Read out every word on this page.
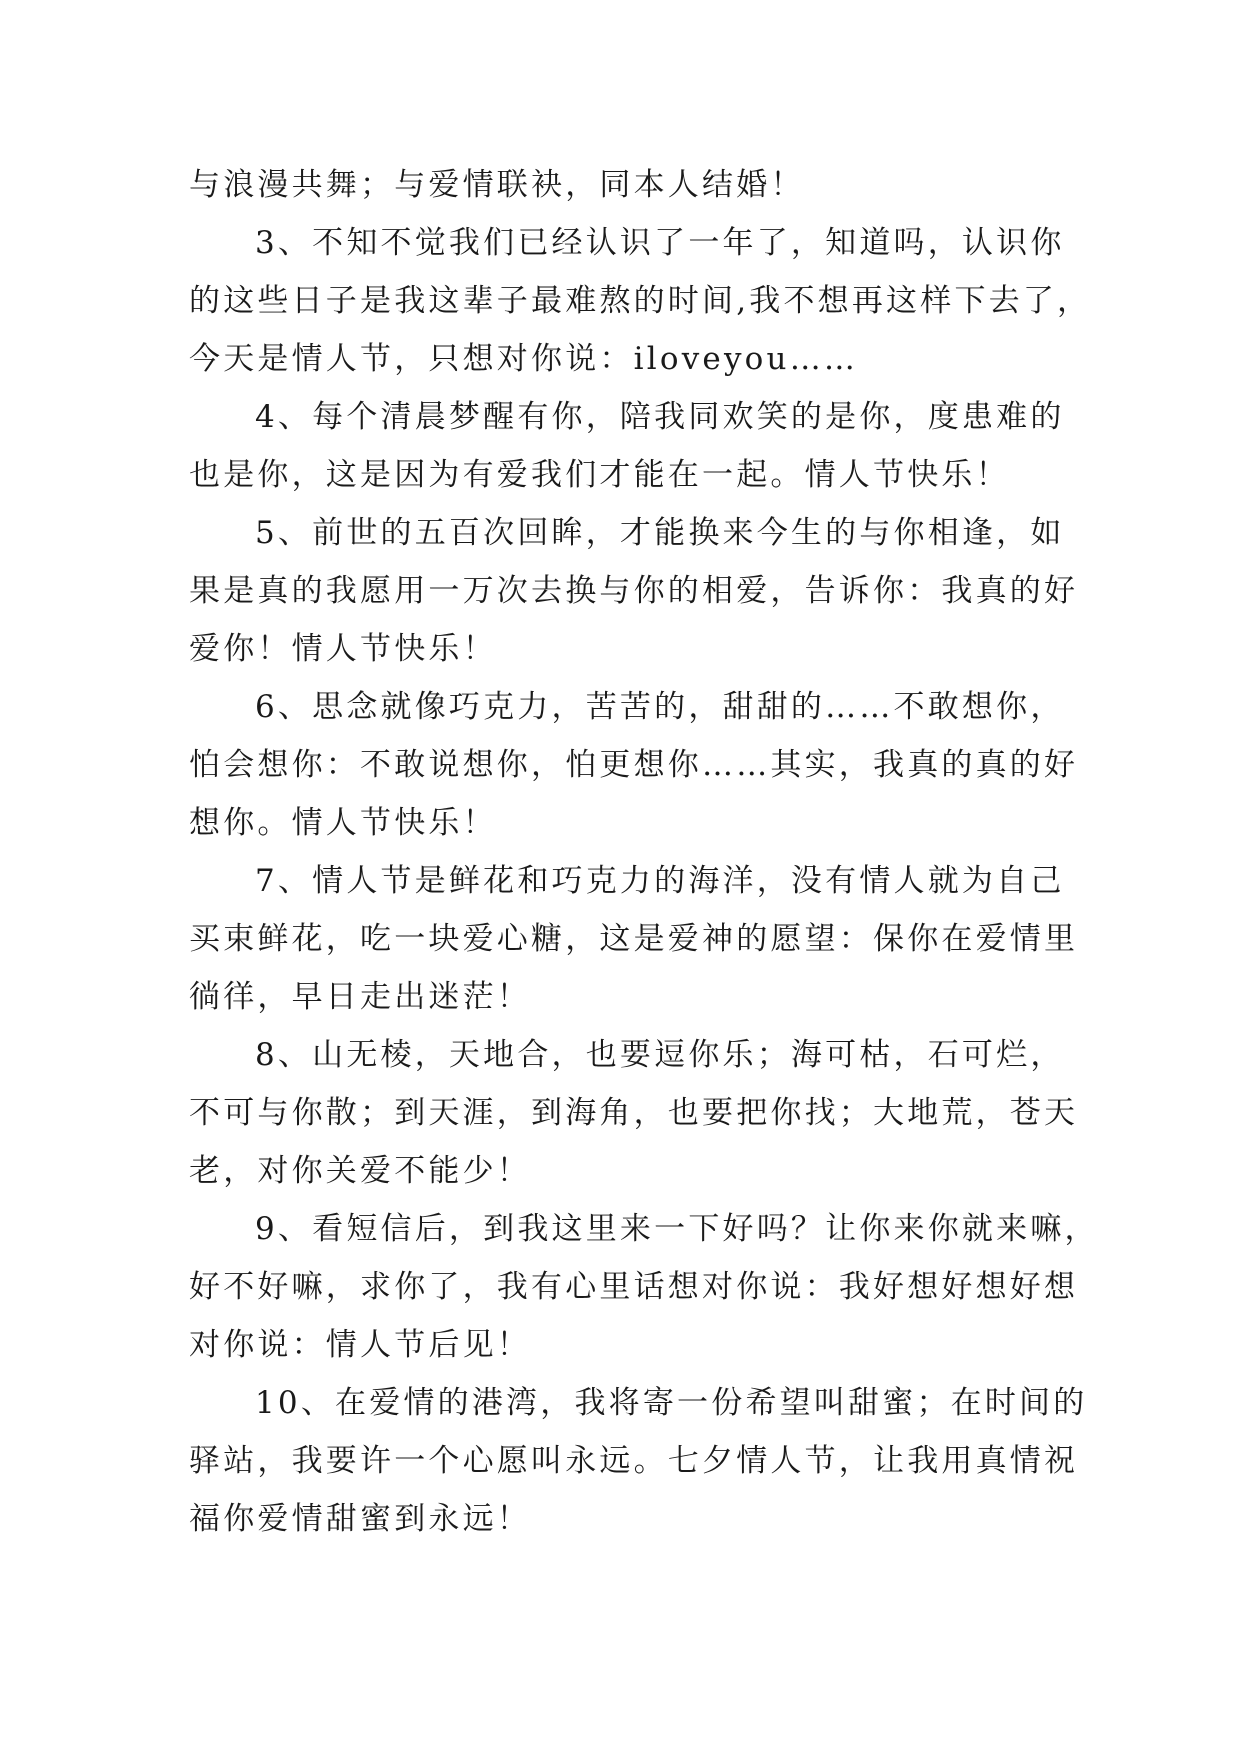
与浪漫共舞；与爱情联袂，同本人结婚！
3、不知不觉我们已经认识了一年了，知道吗，认识你
的这些日子是我这辈子最难熬的时间,我不想再这样下去了，
今天是情人节，只想对你说：iloveyou……
4、每个清晨梦醒有你，陪我同欢笑的是你，度患难的
也是你，这是因为有爱我们才能在一起。情人节快乐！
5、前世的五百次回眸，才能换来今生的与你相逢，如
果是真的我愿用一万次去换与你的相爱，告诉你：我真的好
爱你！情人节快乐！
6、思念就像巧克力，苦苦的，甜甜的……不敢想你，
怕会想你：不敢说想你，怕更想你……其实，我真的真的好
想你。情人节快乐！
7、情人节是鲜花和巧克力的海洋，没有情人就为自己
买束鲜花，吃一块爱心糖，这是爱神的愿望：保你在爱情里
徜徉，早日走出迷茫！
8、山无棱，天地合，也要逗你乐；海可枯，石可烂，
不可与你散；到天涯，到海角，也要把你找；大地荒，苍天
老，对你关爱不能少！
9、看短信后，到我这里来一下好吗？让你来你就来嘛，
好不好嘛，求你了，我有心里话想对你说：我好想好想好想
对你说：情人节后见！
10、在爱情的港湾，我将寄一份希望叫甜蜜；在时间的
驿站，我要许一个心愿叫永远。七夕情人节，让我用真情祝
福你爱情甜蜜到永远！
